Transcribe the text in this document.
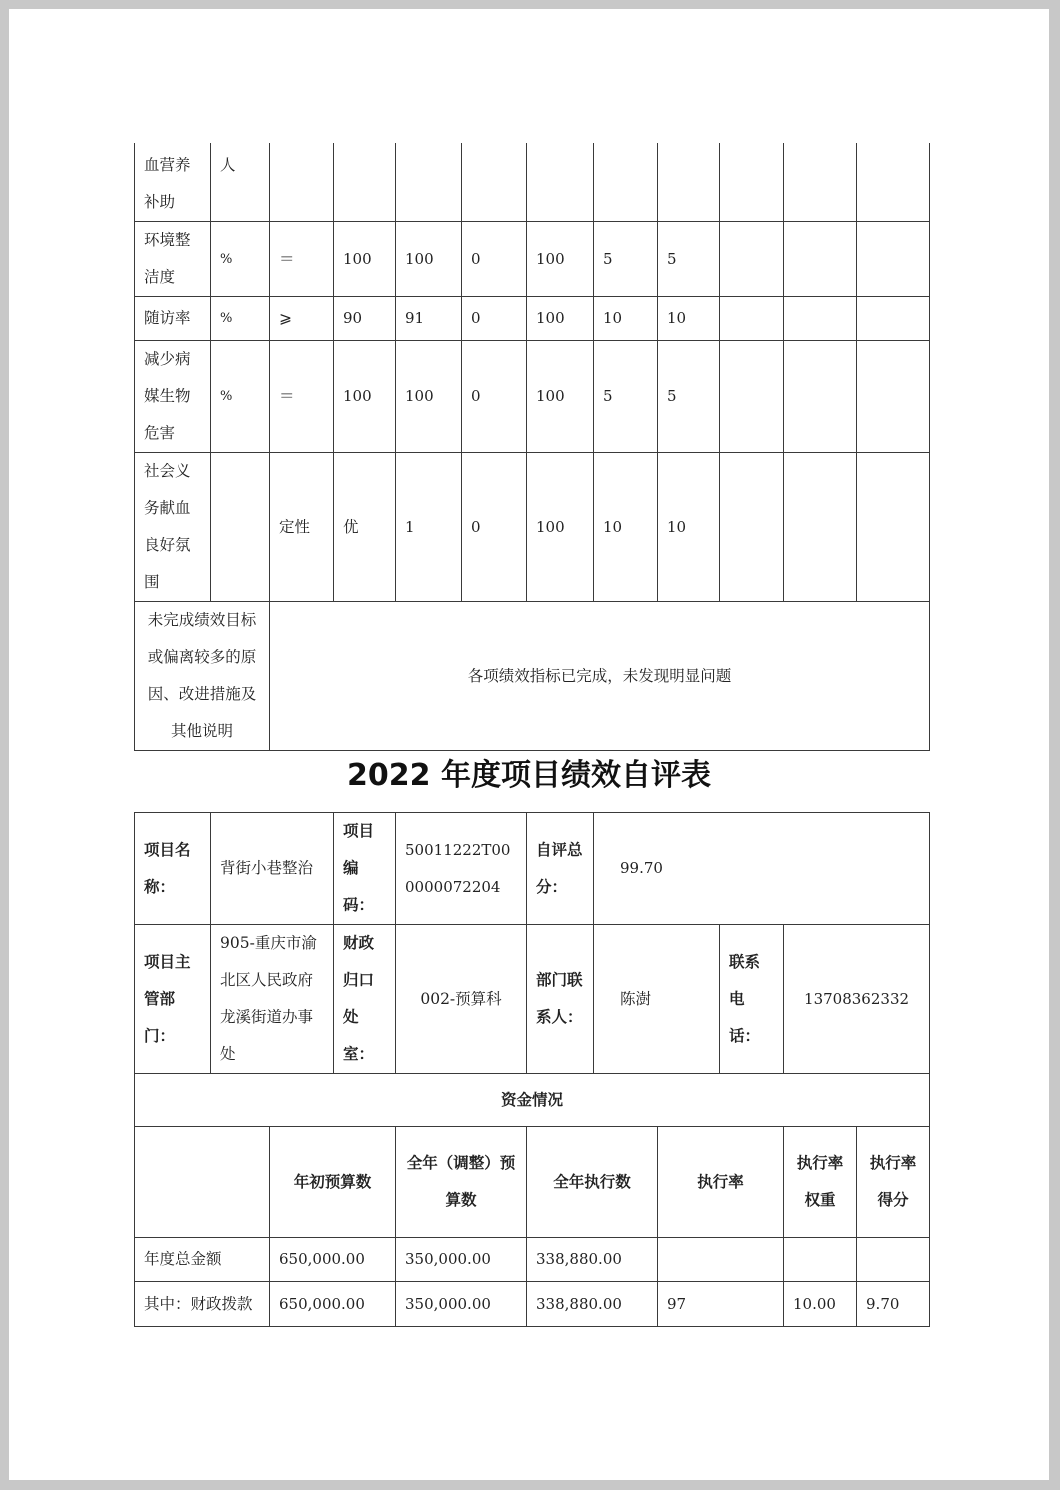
血营养补助	人										
环境整洁度	%	＝	100	100	0	100	5	5			
随访率	%	⩾	90	91	0	100	10	10			
减少病媒生物危害	%	＝	100	100	0	100	5	5			
社会义务献血良好氛围		定性	优	1	0	100	10	10			
未完成绩效目标或偏离较多的原因、改进措施及其他说明		各项绩效指标已完成，未发现明显问题									
2022 年度项目绩效自评表
项目名称：	背街小巷整治		项目编码：	50011222T000000072204	自评总分：	99.70				
项目主管部门：	905-重庆市渝北区人民政府龙溪街道办事处		财政归口处室：	002-预算科	部门联系人：	陈澍		联系电话：	13708362332	
资金情况										
		年初预算数		全年（调整）预算数	全年执行数		执行率		执行率权重	执行率得分
年度总金额		650,000.00		350,000.00	338,880.00					
其中：财政拨款		650,000.00		350,000.00	338,880.00		97		10.00	9.70
